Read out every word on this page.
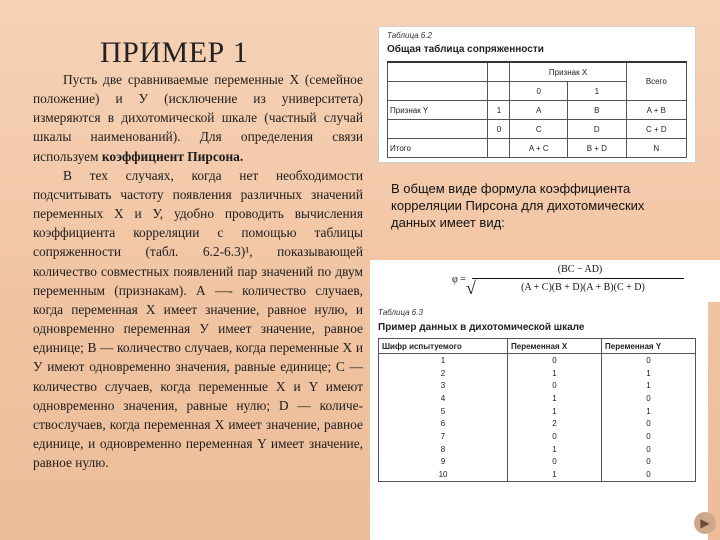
ПРИМЕР 1

Пусть две сравниваемые переменные Х (семейное положение) и У (исключение из университета) измеряются в дихотомической шкале (частный случай шкалы наименований). Для определения связи используем коэффициент Пирсона.

В тех случаях, когда нет необходимости подсчитывать частоту появления различных значений переменных Х и У, удобно проводить вычисления коэффициента корреляции с помощью таблицы сопряженности (табл. 6.2-6.3)¹, показывающей количество совместных появлений пар значений по двум переменным (признакам). А —- количество случаев, когда переменная Х имеет значение, равное нулю, и одновременно переменная У имеет значение, равное единице; В — количество случаев, когда переменные Х и У имеют одновременно значения, равные единице; С — количество случаев, когда переменные Х и Y имеют одновременно значения, равные нулю; D — количе-ствослучаев, когда переменная Х имеет значение, равное единице, и одновременно переменная Y имеет значение, равное нулю.

Таблица 6.2
Общая таблица сопряженности
		Признак Х		Всего
		0	1	
Признак Y	1	A	B	A + B
	0	C	D	C + D
Итого		A + C	B + D	N
В общем виде формула коэффициента корреляции Пирсона для дихотомических данных имеет вид:
φ =
(BC − AD)
√	(A + C)(B + D)(A + B)(C + D)
Таблица 6.3
Пример данных в дихотомической шкале
Шифр испытуемого	Переменная X	Переменная Y
1	0	0
2	1	1
3	0	1
4	1	0
5	1	1
6	2	0
7	0	0
8	1	0
9	0	0
10	1	0
▶
